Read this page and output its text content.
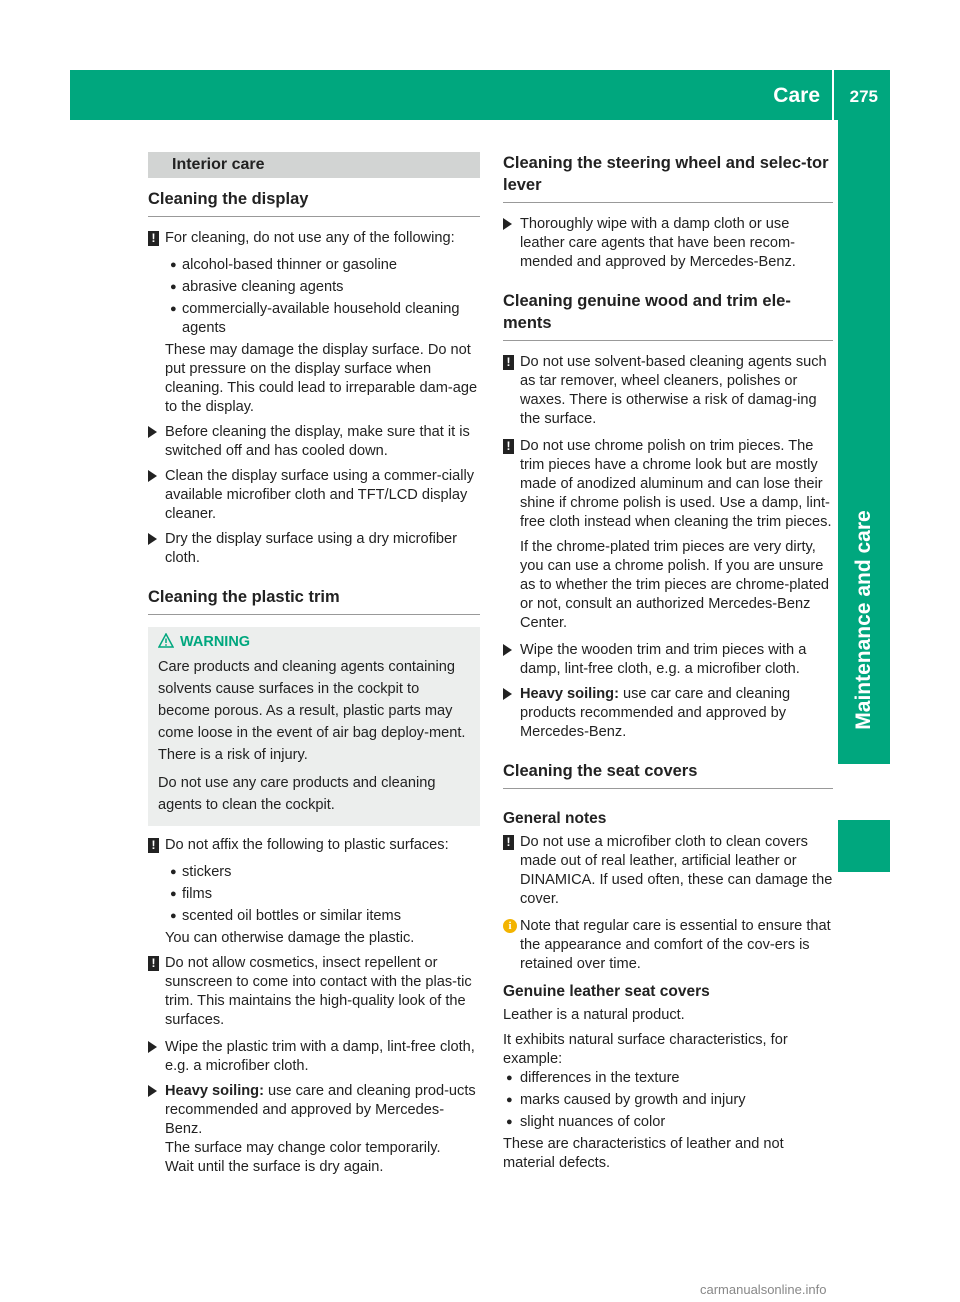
Care 275
Maintenance and care
Interior care
Cleaning the display
! For cleaning, do not use any of the following:

● alcohol-based thinner or gasoline

● abrasive cleaning agents

● commercially-available household cleaning agents

These may damage the display surface. Do not put pressure on the display surface when cleaning. This could lead to irreparable dam-age to the display.

Before cleaning the display, make sure that it is switched off and has cooled down.

Clean the display surface using a commer-cially available microfiber cloth and TFT/LCD display cleaner.

Dry the display surface using a dry microfiber cloth.

Cleaning the plastic trim
WARNING

Care products and cleaning agents containing solvents cause surfaces in the cockpit to become porous. As a result, plastic parts may come loose in the event of air bag deploy-ment. There is a risk of injury.

Do not use any care products and cleaning agents to clean the cockpit.

! Do not affix the following to plastic surfaces:

● stickers

● films

● scented oil bottles or similar items

You can otherwise damage the plastic.

! Do not allow cosmetics, insect repellent or sunscreen to come into contact with the plas-tic trim. This maintains the high-quality look of the surfaces.

Wipe the plastic trim with a damp, lint-free cloth, e.g. a microfiber cloth.

Heavy soiling: use care and cleaning prod-ucts recommended and approved by Mercedes-Benz.

The surface may change color temporarily.

Wait until the surface is dry again.

Cleaning the steering wheel and selec-tor lever

Thoroughly wipe with a damp cloth or use leather care agents that have been recom-mended and approved by Mercedes-Benz.

Cleaning genuine wood and trim ele-ments
! Do not use solvent-based cleaning agents such as tar remover, wheel cleaners, polishes or waxes. There is otherwise a risk of damag-ing the surface.

! Do not use chrome polish on trim pieces. The trim pieces have a chrome look but are mostly made of anodized aluminum and can lose their shine if chrome polish is used. Use a damp, lint-free cloth instead when cleaning the trim pieces.

If the chrome-plated trim pieces are very dirty, you can use a chrome polish. If you are unsure as to whether the trim pieces are chrome-plated or not, consult an authorized Mercedes-Benz Center.

Wipe the wooden trim and trim pieces with a damp, lint-free cloth, e.g. a microfiber cloth.

Heavy soiling: use car care and cleaning products recommended and approved by Mercedes-Benz.

Cleaning the seat covers
General notes
! Do not use a microfiber cloth to clean covers made out of real leather, artificial leather or DINAMICA. If used often, these can damage the cover.

i Note that regular care is essential to ensure that the appearance and comfort of the cov-ers is retained over time.

Genuine leather seat covers

Leather is a natural product.

It exhibits natural surface characteristics, for example:

● differences in the texture

● marks caused by growth and injury

● slight nuances of color

These are characteristics of leather and not material defects.

carmanualsonline.info
